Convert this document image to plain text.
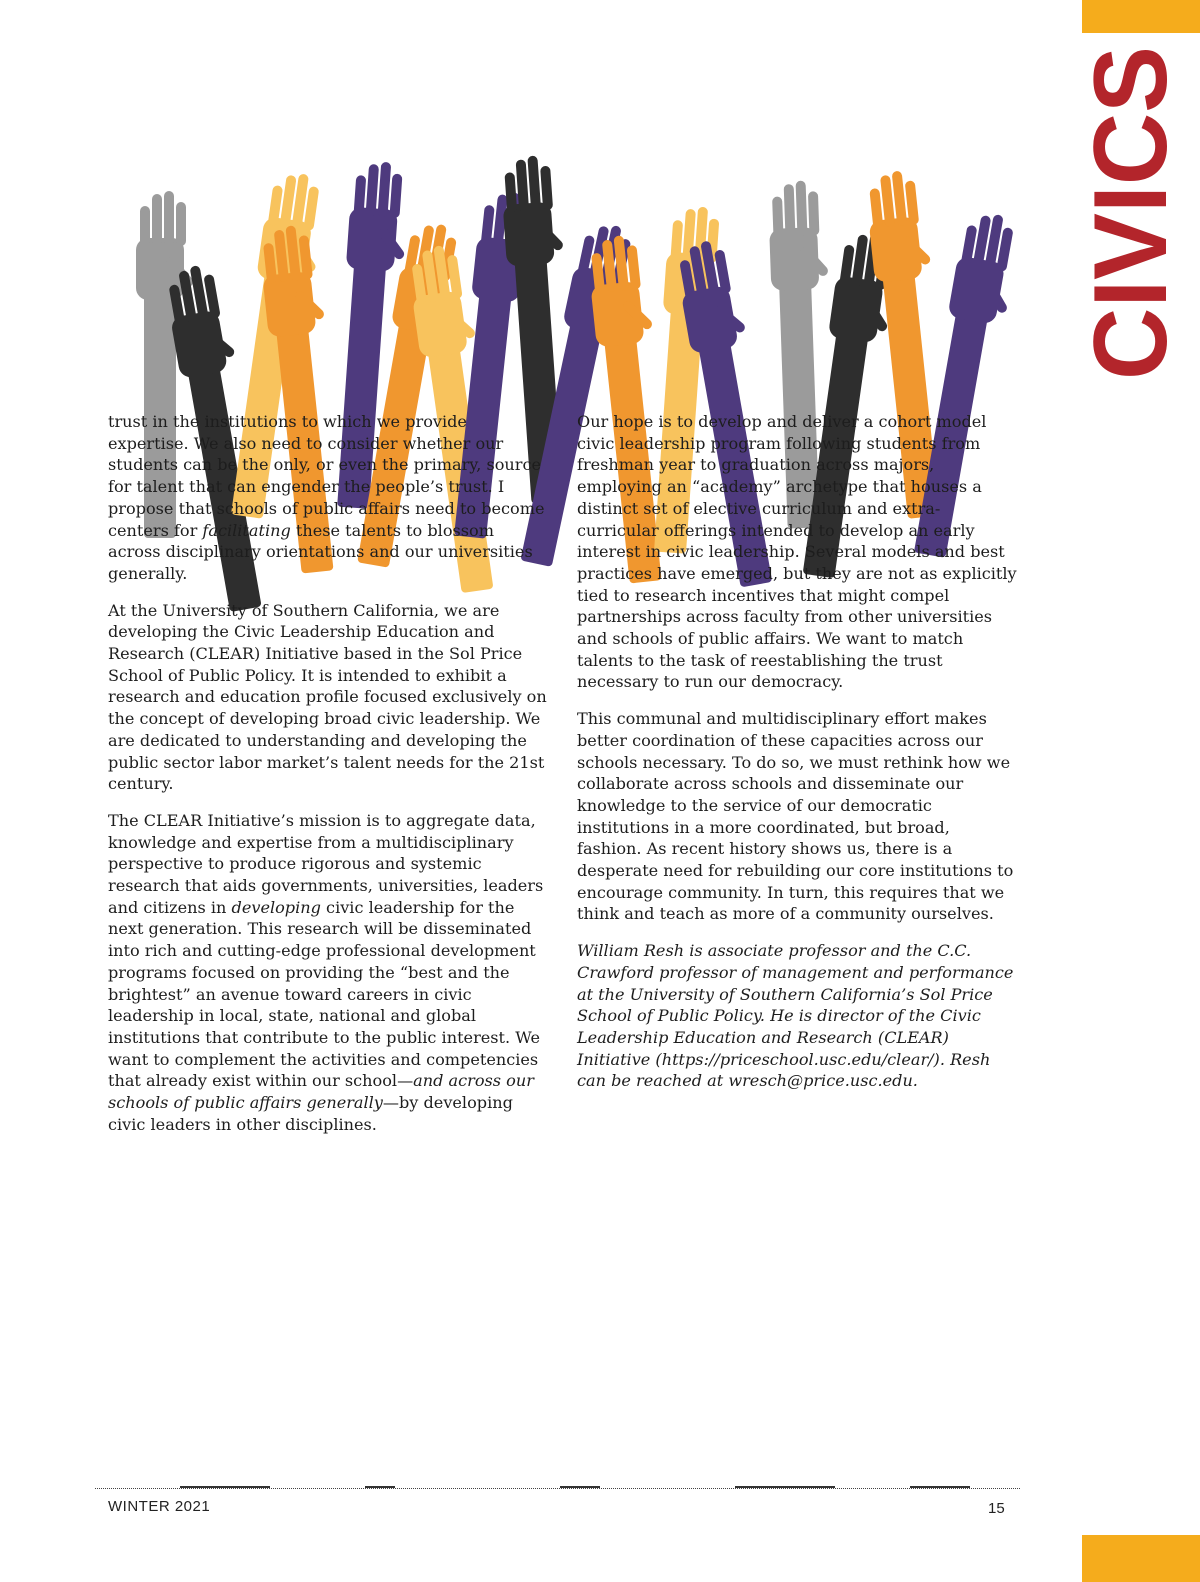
CIVICS

trust in the institutions to which we provide expertise. We also need to consider whether our students can be the only, or even the primary, source for talent that can engender the people’s trust. I propose that schools of public affairs need to become centers for facilitating these talents to blossom across disciplinary orientations and our universities generally.

At the University of Southern California, we are developing the Civic Leadership Education and Research (CLEAR) Initiative based in the Sol Price School of Public Policy. It is intended to exhibit a research and education profile focused exclusively on the concept of developing broad civic leadership. We are dedicated to understanding and developing the public sector labor market’s talent needs for the 21st century.

The CLEAR Initiative’s mission is to aggregate data, knowledge and expertise from a multidisciplinary perspective to produce rigorous and systemic research that aids governments, universities, leaders and citizens in developing civic leadership for the next generation. This research will be disseminated into rich and cutting-edge professional development programs focused on providing the “best and the brightest” an avenue toward careers in civic leadership in local, state, national and global institutions that contribute to the public interest. We want to complement the activities and competencies that already exist within our school—and across our schools of public affairs generally—by developing civic leaders in other disciplines.

Our hope is to develop and deliver a cohort model civic leadership program following students from freshman year to graduation across majors, employing an “academy” archetype that houses a distinct set of elective curriculum and extra-curricular offerings intended to develop an early interest in civic leadership. Several models and best practices have emerged, but they are not as explicitly tied to research incentives that might compel partnerships across faculty from other universities and schools of public affairs. We want to match talents to the task of reestablishing the trust necessary to run our democracy.

This communal and multidisciplinary effort makes better coordination of these capacities across our schools necessary. To do so, we must rethink how we collaborate across schools and disseminate our knowledge to the service of our democratic institutions in a more coordinated, but broad, fashion. As recent history shows us, there is a desperate need for rebuilding our core institutions to encourage community. In turn, this requires that we think and teach as more of a community ourselves.

William Resh is associate professor and the C.C. Crawford professor of management and performance at the University of Southern California’s Sol Price School of Public Policy. He is director of the Civic Leadership Education and Research (CLEAR) Initiative (https://priceschool.usc.edu/clear/). Resh can be reached at wresch@price.usc.edu.

WINTER 2021	15
